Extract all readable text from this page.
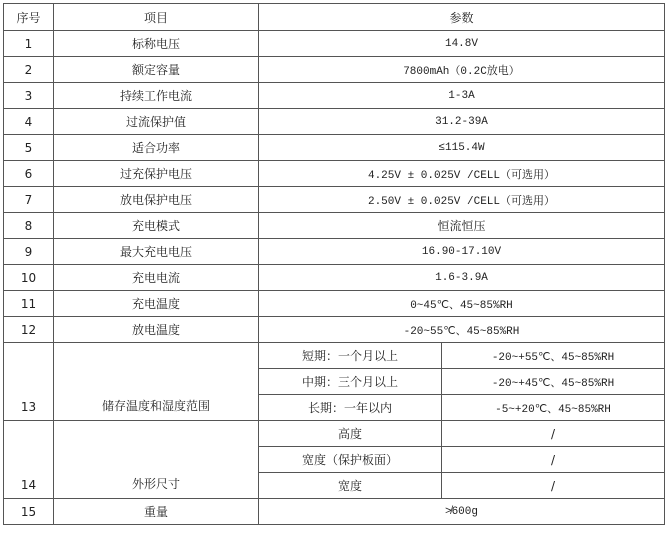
序号	项目	参数	
1	标称电压	14.8V	
2	额定容量	7800mAh（0.2C放电）	
3	持续工作电流	1-3A	
4	过流保护值	31.2-39A	
5	适合功率	≤115.4W	
6	过充保护电压	4.25V ± 0.025V /CELL（可选用）	
7	放电保护电压	2.50V ± 0.025V /CELL（可选用）	
8	充电模式	恒流恒压	
9	最大充电电压	16.90-17.10V	
10	充电电流	1.6-3.9A	
11	充电温度	0~45℃、45~85%RH	
12	放电温度	-20~55℃、45~85%RH	
13	储存温度和湿度范围	短期：一个月以上	-20~+55℃、45~85%RH
		中期：三个月以上	-20~+45℃、45~85%RH
		长期：一年以内	-5~+20℃、45~85%RH
14	外形尺寸	高度	/
		宽度（保护板面）	/
		宽度	/
15	重量	≯600g	
